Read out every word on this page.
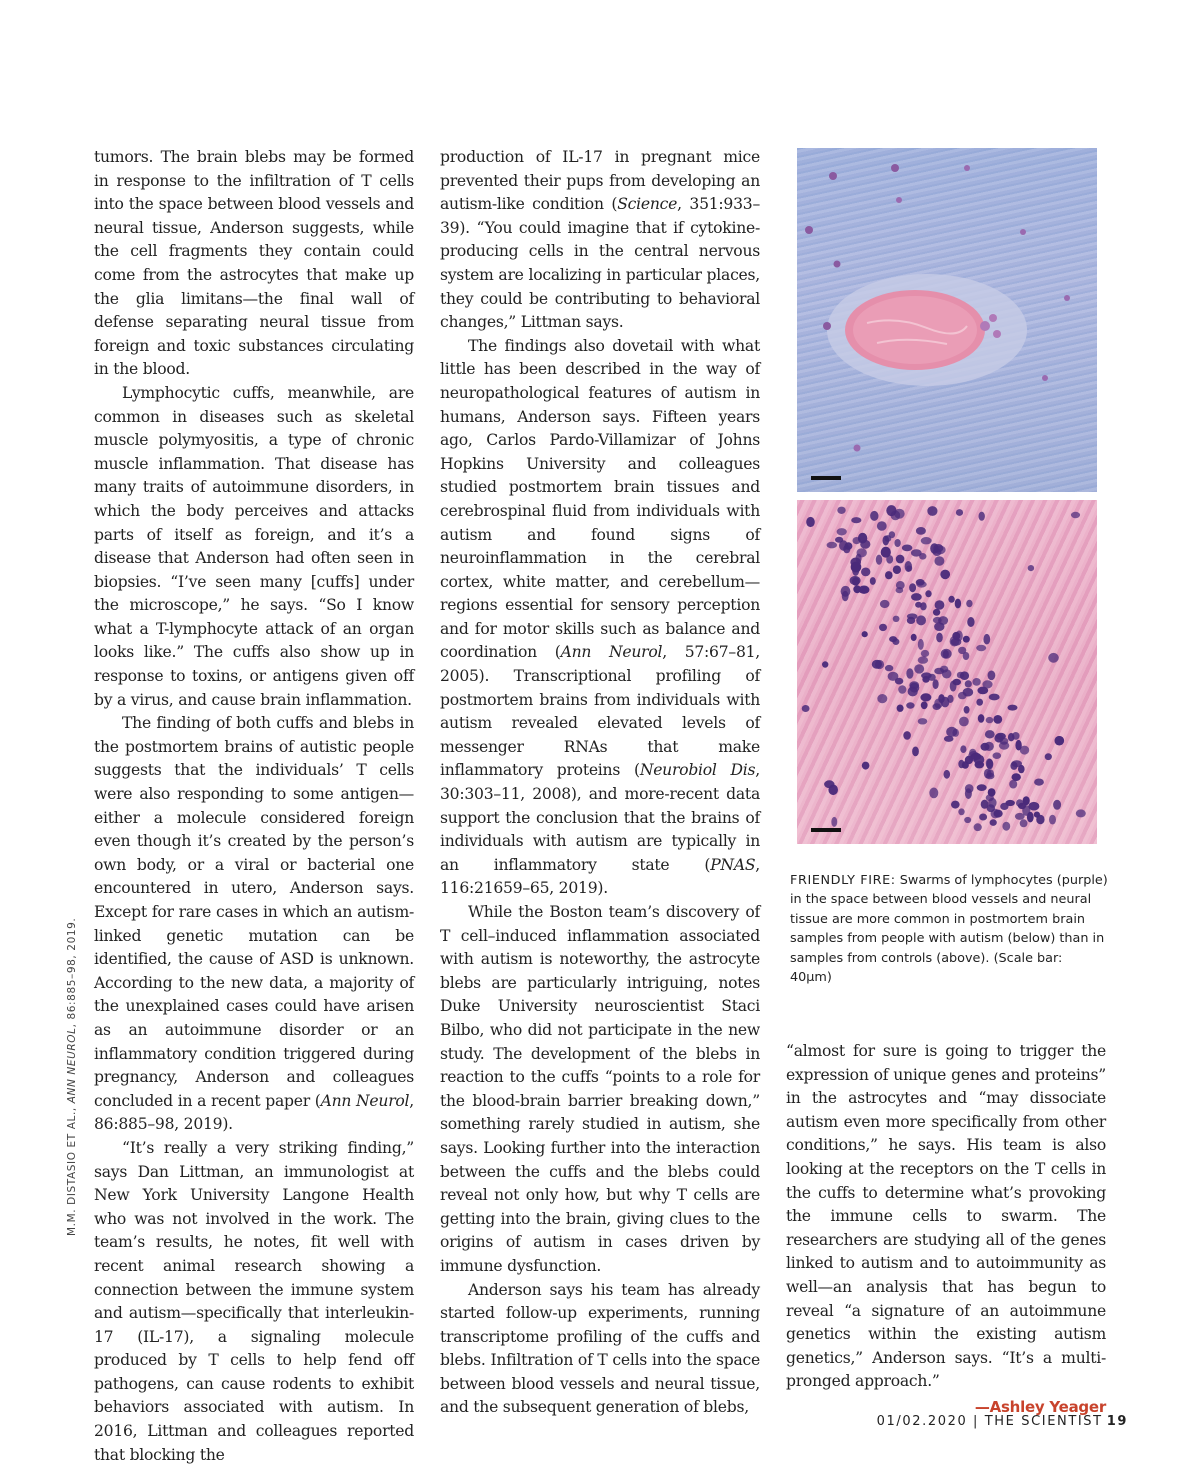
tumors. The brain blebs may be formed in response to the infiltration of T cells into the space between blood vessels and neural tissue, Anderson suggests, while the cell fragments they contain could come from the astrocytes that make up the glia limitans—the final wall of defense separating neural tissue from foreign and toxic substances circulating in the blood.

Lymphocytic cuffs, meanwhile, are common in diseases such as skeletal muscle polymyositis, a type of chronic muscle inflammation. That disease has many traits of autoimmune disorders, in which the body perceives and attacks parts of itself as foreign, and it’s a disease that Anderson had often seen in biopsies. “I’ve seen many [cuffs] under the microscope,” he says. “So I know what a T-lymphocyte attack of an organ looks like.” The cuffs also show up in response to toxins, or antigens given off by a virus, and cause brain inflammation.

The finding of both cuffs and blebs in the postmortem brains of autistic people suggests that the individuals’ T cells were also responding to some antigen—either a molecule considered foreign even though it’s created by the person’s own body, or a viral or bacterial one encountered in utero, Anderson says. Except for rare cases in which an autism-linked genetic mutation can be identified, the cause of ASD is unknown. According to the new data, a majority of the unexplained cases could have arisen as an autoimmune disorder or an inflammatory condition triggered during pregnancy, Anderson and colleagues concluded in a recent paper (Ann Neurol, 86:885–98, 2019).

“It’s really a very striking finding,” says Dan Littman, an immunologist at New York University Langone Health who was not involved in the work. The team’s results, he notes, fit well with recent animal research showing a connection between the immune system and autism—specifically that interleukin-17 (IL-17), a signaling molecule produced by T cells to help fend off pathogens, can cause rodents to exhibit behaviors associated with autism. In 2016, Littman and colleagues reported that blocking the

production of IL-17 in pregnant mice prevented their pups from developing an autism-like condition (Science, 351:933–39). “You could imagine that if cytokine-producing cells in the central nervous system are localizing in particular places, they could be contributing to behavioral changes,” Littman says.

The findings also dovetail with what little has been described in the way of neuropathological features of autism in humans, Anderson says. Fifteen years ago, Carlos Pardo-Villamizar of Johns Hopkins University and colleagues studied postmortem brain tissues and cerebrospinal fluid from individuals with autism and found signs of neuroinflammation in the cerebral cortex, white matter, and cerebellum—regions essential for sensory perception and for motor skills such as balance and coordination (Ann Neurol, 57:67–81, 2005). Transcriptional profiling of postmortem brains from individuals with autism revealed elevated levels of messenger RNAs that make inflammatory proteins (Neurobiol Dis, 30:303–11, 2008), and more-recent data support the conclusion that the brains of individuals with autism are typically in an inflammatory state (PNAS, 116:21659–65, 2019).

While the Boston team’s discovery of T cell–induced inflammation associated with autism is noteworthy, the astrocyte blebs are particularly intriguing, notes Duke University neuroscientist Staci Bilbo, who did not participate in the new study. The development of the blebs in reaction to the cuffs “points to a role for the blood-brain barrier breaking down,” something rarely studied in autism, she says. Looking further into the interaction between the cuffs and the blebs could reveal not only how, but why T cells are getting into the brain, giving clues to the origins of autism in cases driven by immune dysfunction.

Anderson says his team has already started follow-up experiments, running transcriptome profiling of the cuffs and blebs. Infiltration of T cells into the space between blood vessels and neural tissue, and the subsequent generation of blebs,

FRIENDLY FIRE: Swarms of lymphocytes (purple) in the space between blood vessels and neural tissue are more common in postmortem brain samples from people with autism (below) than in samples from controls (above). (Scale bar: 40μm)

“almost for sure is going to trigger the expression of unique genes and proteins” in the astrocytes and “may dissociate autism even more specifically from other conditions,” he says. His team is also looking at the receptors on the T cells in the cuffs to determine what’s provoking the immune cells to swarm. The researchers are studying all of the genes linked to autism and to autoimmunity as well—an analysis that has begun to reveal “a signature of an autoimmune genetics within the existing autism genetics,” Anderson says. “It’s a multi-pronged approach.”

—Ashley Yeager
M.M. DISTASIO ET AL., ANN NEUROL, 86:885–98, 2019.
01/02.2020 | THE SCIENTIST 19
